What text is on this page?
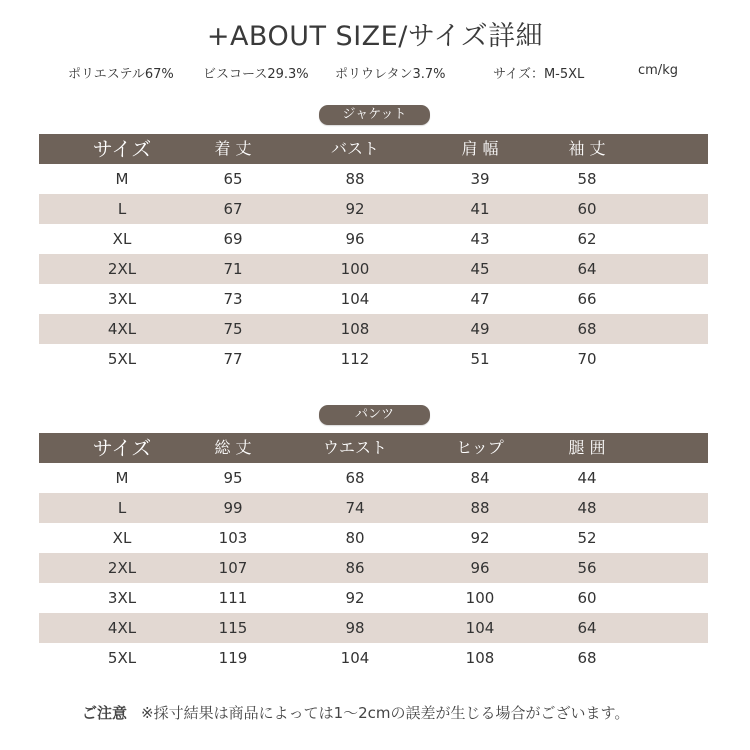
+ABOUT SIZE/サイズ詳細
ポリエステル67% ビスコース29.3% ポリウレタン3.7%	サイズ：M-5XL	cm/kg
ジャケット
サイズ	着 丈	バスト	肩 幅	袖 丈
M	65	88	39	58
L	67	92	41	60
XL	69	96	43	62
2XL	71	100	45	64
3XL	73	104	47	66
4XL	75	108	49	68
5XL	77	112	51	70
パンツ
サイズ	総 丈	ウエスト	ヒップ	腿 囲
M	95	68	84	44
L	99	74	88	48
XL	103	80	92	52
2XL	107	86	96	56
3XL	111	92	100	60
4XL	115	98	104	64
5XL	119	104	108	68
ご注意 ※採寸結果は商品によっては1～2cmの誤差が生じる場合がございます。
